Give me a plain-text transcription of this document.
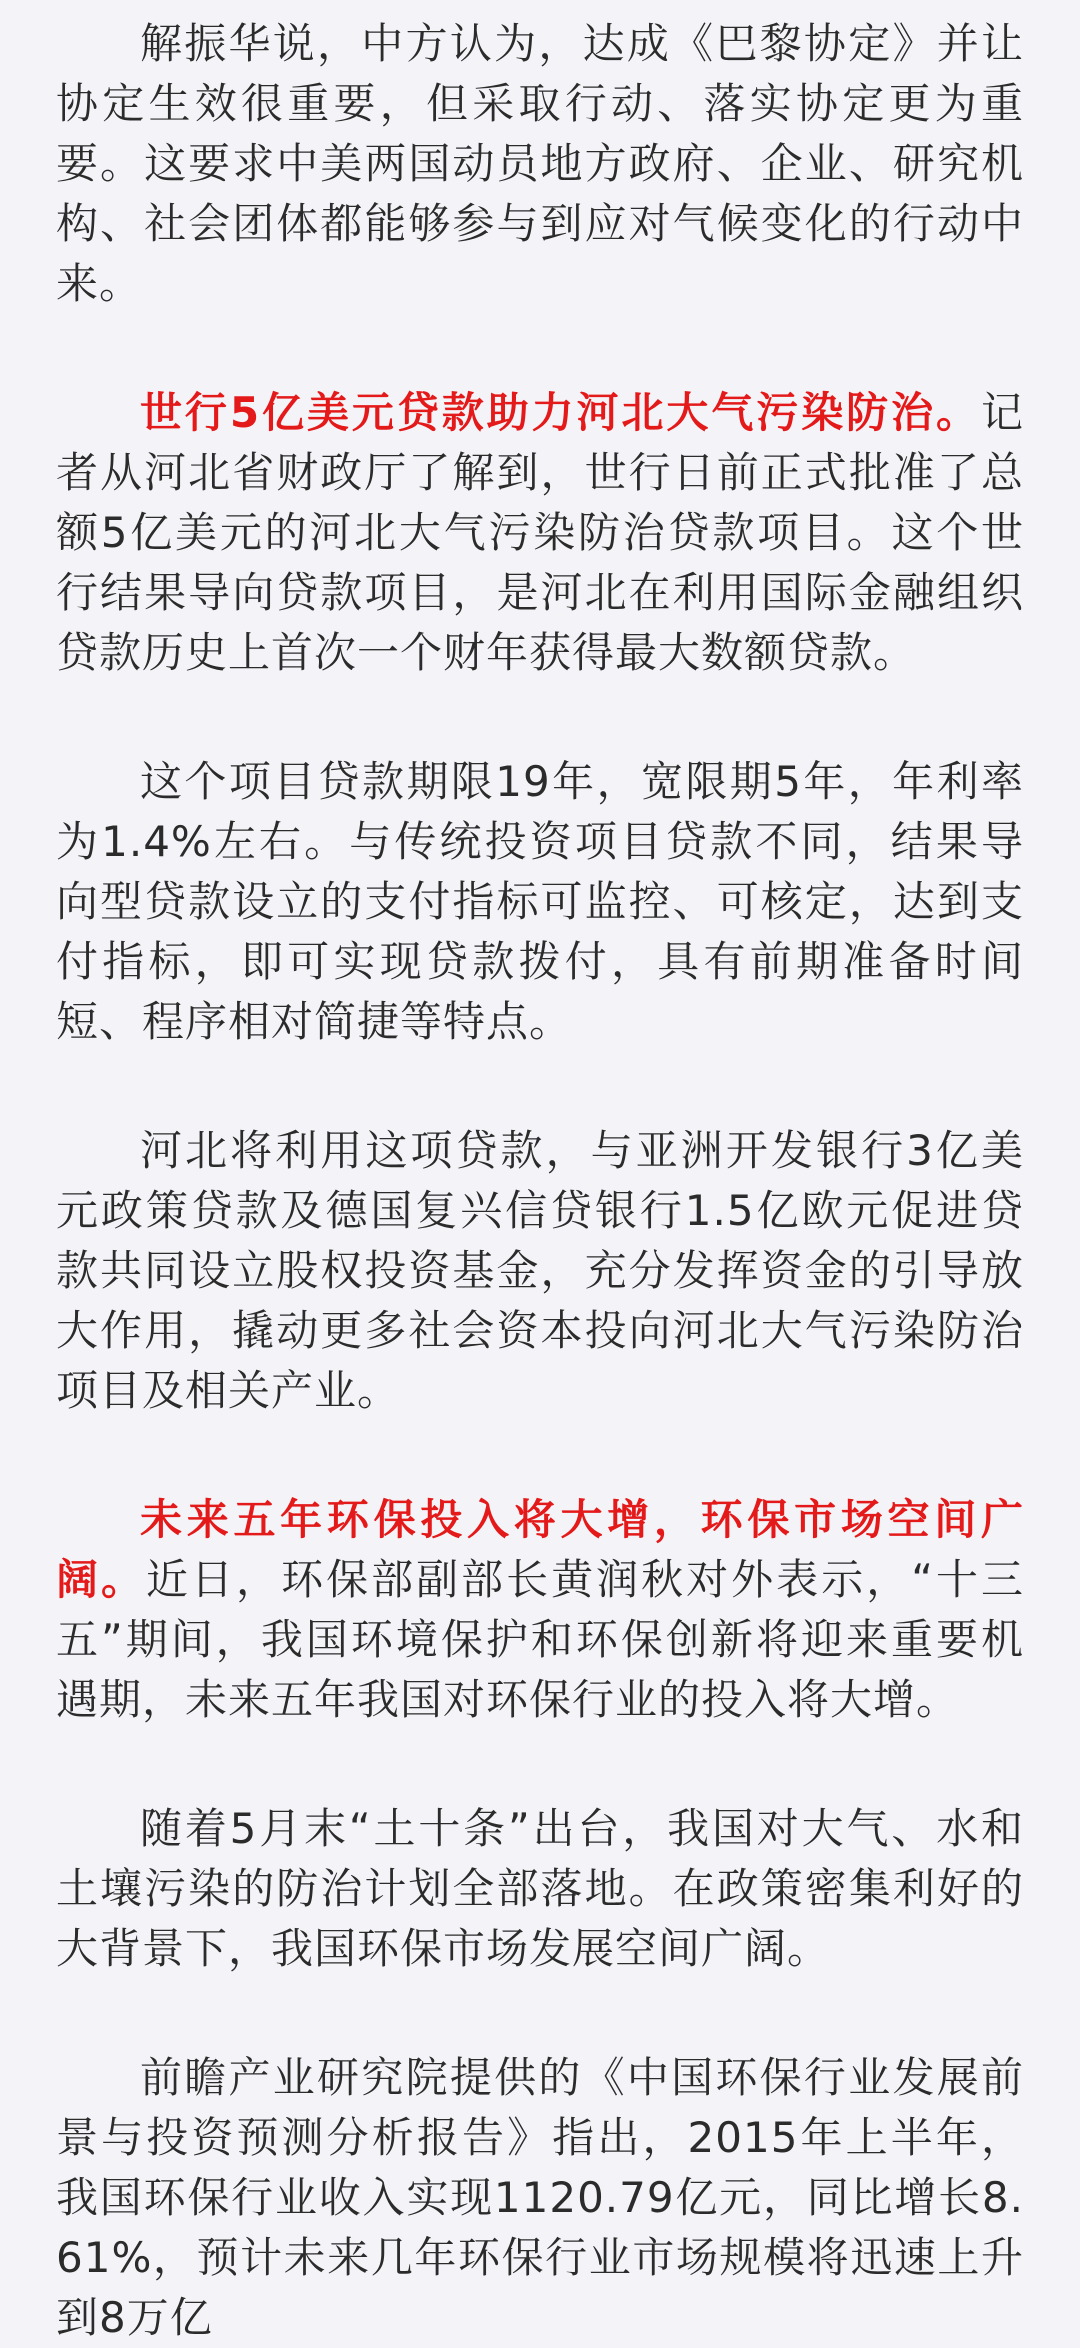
解振华说，中方认为，达成《巴黎协定》并让协定生效很重要，但采取行动、落实协定更为重要。这要求中美两国动员地方政府、企业、研究机构、社会团体都能够参与到应对气候变化的行动中来。

世行5亿美元贷款助力河北大气污染防治。记者从河北省财政厅了解到，世行日前正式批准了总额5亿美元的河北大气污染防治贷款项目。这个世行结果导向贷款项目，是河北在利用国际金融组织贷款历史上首次一个财年获得最大数额贷款。

这个项目贷款期限19年，宽限期5年，年利率为1.4%左右。与传统投资项目贷款不同，结果导向型贷款设立的支付指标可监控、可核定，达到支付指标，即可实现贷款拨付，具有前期准备时间短、程序相对简捷等特点。

河北将利用这项贷款，与亚洲开发银行3亿美元政策贷款及德国复兴信贷银行1.5亿欧元促进贷款共同设立股权投资基金，充分发挥资金的引导放大作用，撬动更多社会资本投向河北大气污染防治项目及相关产业。

未来五年环保投入将大增，环保市场空间广阔。近日，环保部副部长黄润秋对外表示，“十三五”期间，我国环境保护和环保创新将迎来重要机遇期，未来五年我国对环保行业的投入将大增。

随着5月末“土十条”出台，我国对大气、水和土壤污染的防治计划全部落地。在政策密集利好的大背景下，我国环保市场发展空间广阔。

前瞻产业研究院提供的《中国环保行业发展前景与投资预测分析报告》指出，2015年上半年，我国环保行业收入实现1120.79亿元，同比增长8.61%，预计未来几年环保行业市场规模将迅速上升到8万亿
